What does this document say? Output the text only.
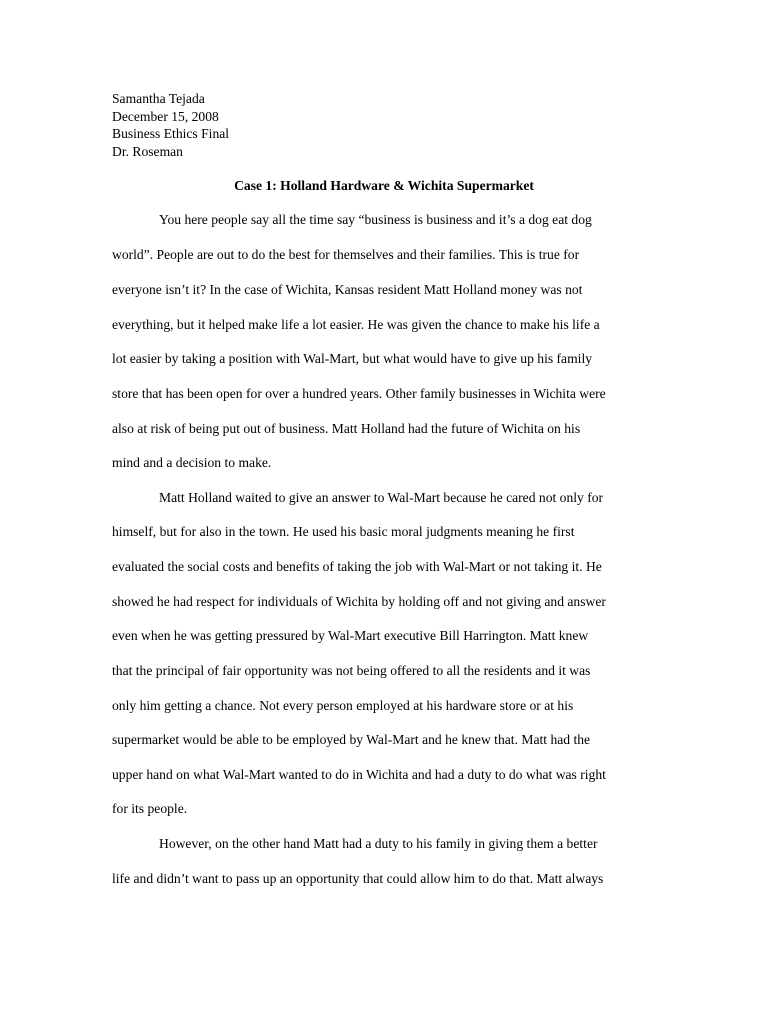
Samantha Tejada
December 15, 2008
Business Ethics Final
Dr. Roseman
Case 1: Holland Hardware & Wichita Supermarket
You here people say all the time say “business is business and it’s a dog eat dog
world”. People are out to do the best for themselves and their families. This is true for
everyone isn’t it? In the case of Wichita, Kansas resident Matt Holland money was not
everything, but it helped make life a lot easier. He was given the chance to make his life a
lot easier by taking a position with Wal-Mart, but what would have to give up his family
store that has been open for over a hundred years. Other family businesses in Wichita were
also at risk of being put out of business. Matt Holland had the future of Wichita on his
mind and a decision to make.
Matt Holland waited to give an answer to Wal-Mart because he cared not only for
himself, but for also in the town. He used his basic moral judgments meaning he first
evaluated the social costs and benefits of taking the job with Wal-Mart or not taking it. He
showed he had respect for individuals of Wichita by holding off and not giving and answer
even when he was getting pressured by Wal-Mart executive Bill Harrington. Matt knew
that the principal of fair opportunity was not being offered to all the residents and it was
only him getting a chance. Not every person employed at his hardware store or at his
supermarket would be able to be employed by Wal-Mart and he knew that. Matt had the
upper hand on what Wal-Mart wanted to do in Wichita and had a duty to do what was right
for its people.
However, on the other hand Matt had a duty to his family in giving them a better
life and didn’t want to pass up an opportunity that could allow him to do that. Matt always
